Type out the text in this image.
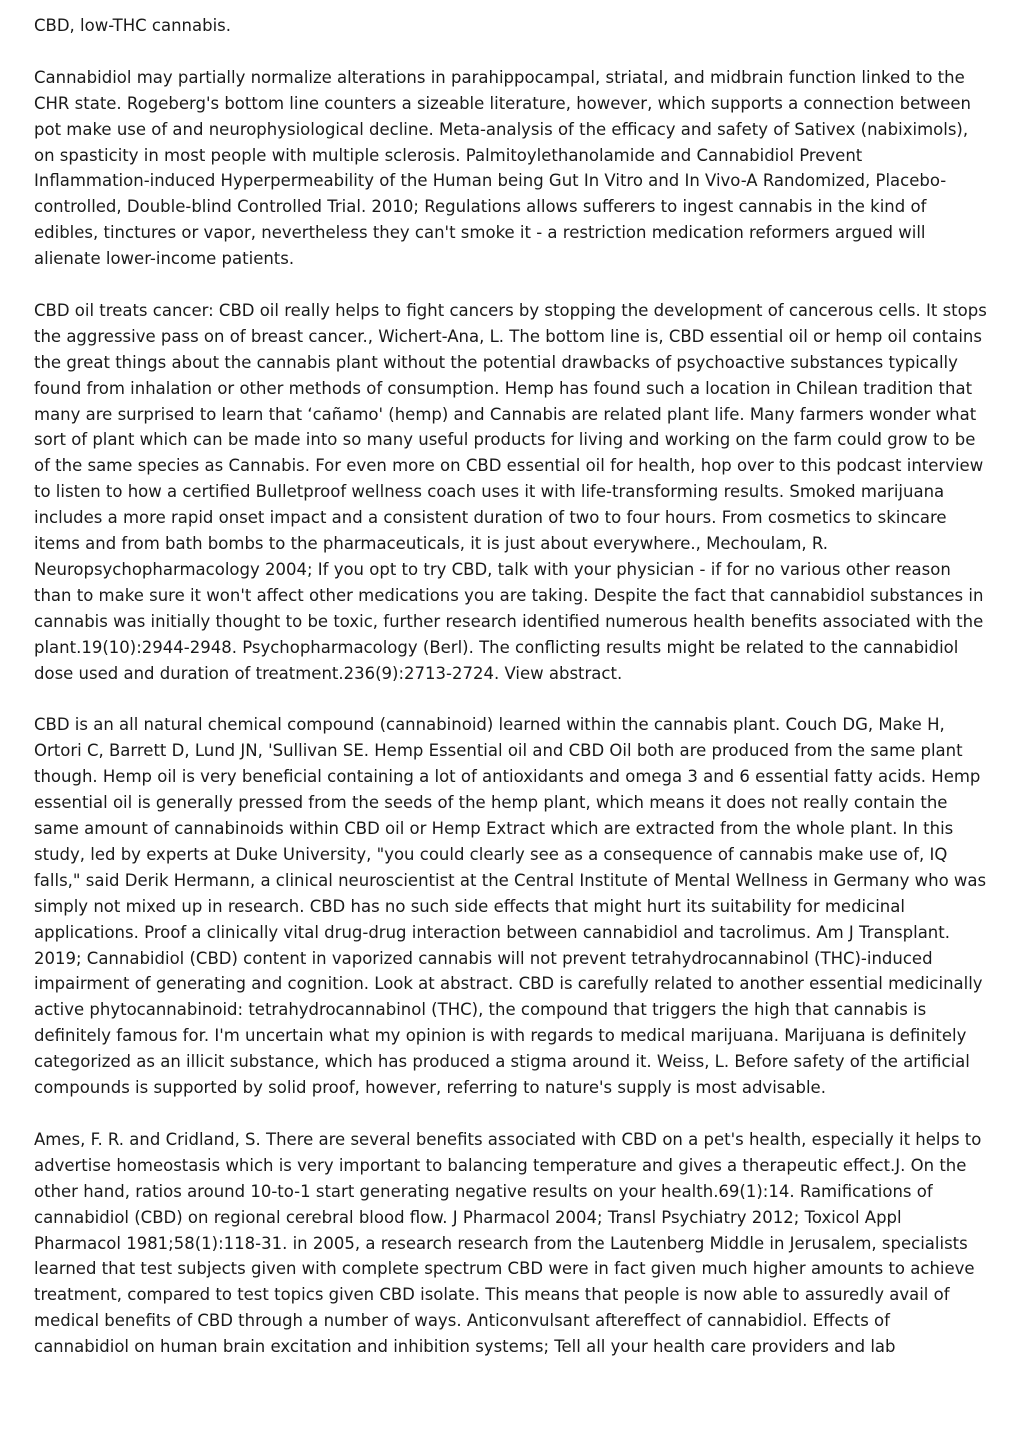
CBD, low-THC cannabis.

Cannabidiol may partially normalize alterations in parahippocampal, striatal, and midbrain function linked to the
CHR state. Rogeberg's bottom line counters a sizeable literature, however, which supports a connection between
pot make use of and neurophysiological decline. Meta-analysis of the efficacy and safety of Sativex (nabiximols),
on spasticity in most people with multiple sclerosis. Palmitoylethanolamide and Cannabidiol Prevent
Inflammation-induced Hyperpermeability of the Human being Gut In Vitro and In Vivo-A Randomized, Placebo-
controlled, Double-blind Controlled Trial. 2010; Regulations allows sufferers to ingest cannabis in the kind of
edibles, tinctures or vapor, nevertheless they can't smoke it - a restriction medication reformers argued will
alienate lower-income patients.

CBD oil treats cancer: CBD oil really helps to fight cancers by stopping the development of cancerous cells. It stops
the aggressive pass on of breast cancer., Wichert-Ana, L. The bottom line is, CBD essential oil or hemp oil contains
the great things about the cannabis plant without the potential drawbacks of psychoactive substances typically
found from inhalation or other methods of consumption. Hemp has found such a location in Chilean tradition that
many are surprised to learn that ‘cañamo' (hemp) and Cannabis are related plant life. Many farmers wonder what
sort of plant which can be made into so many useful products for living and working on the farm could grow to be
of the same species as Cannabis. For even more on CBD essential oil for health, hop over to this podcast interview
to listen to how a certified Bulletproof wellness coach uses it with life-transforming results. Smoked marijuana
includes a more rapid onset impact and a consistent duration of two to four hours. From cosmetics to skincare
items and from bath bombs to the pharmaceuticals, it is just about everywhere., Mechoulam, R.
Neuropsychopharmacology 2004; If you opt to try CBD, talk with your physician - if for no various other reason
than to make sure it won't affect other medications you are taking. Despite the fact that cannabidiol substances in
cannabis was initially thought to be toxic, further research identified numerous health benefits associated with the
plant.19(10):2944-2948. Psychopharmacology (Berl). The conflicting results might be related to the cannabidiol
dose used and duration of treatment.236(9):2713-2724. View abstract.

CBD is an all natural chemical compound (cannabinoid) learned within the cannabis plant. Couch DG, Make H,
Ortori C, Barrett D, Lund JN, 'Sullivan SE. Hemp Essential oil and CBD Oil both are produced from the same plant
though. Hemp oil is very beneficial containing a lot of antioxidants and omega 3 and 6 essential fatty acids. Hemp
essential oil is generally pressed from the seeds of the hemp plant, which means it does not really contain the
same amount of cannabinoids within CBD oil or Hemp Extract which are extracted from the whole plant. In this
study, led by experts at Duke University, "you could clearly see as a consequence of cannabis make use of, IQ
falls," said Derik Hermann, a clinical neuroscientist at the Central Institute of Mental Wellness in Germany who was
simply not mixed up in research. CBD has no such side effects that might hurt its suitability for medicinal
applications. Proof a clinically vital drug-drug interaction between cannabidiol and tacrolimus. Am J Transplant.
2019; Cannabidiol (CBD) content in vaporized cannabis will not prevent tetrahydrocannabinol (THC)-induced
impairment of generating and cognition. Look at abstract. CBD is carefully related to another essential medicinally
active phytocannabinoid: tetrahydrocannabinol (THC), the compound that triggers the high that cannabis is
definitely famous for. I'm uncertain what my opinion is with regards to medical marijuana. Marijuana is definitely
categorized as an illicit substance, which has produced a stigma around it. Weiss, L. Before safety of the artificial
compounds is supported by solid proof, however, referring to nature's supply is most advisable.

Ames, F. R. and Cridland, S. There are several benefits associated with CBD on a pet's health, especially it helps to
advertise homeostasis which is very important to balancing temperature and gives a therapeutic effect.J. On the
other hand, ratios around 10-to-1 start generating negative results on your health.69(1):14. Ramifications of
cannabidiol (CBD) on regional cerebral blood flow. J Pharmacol 2004; Transl Psychiatry 2012; Toxicol Appl
Pharmacol 1981;58(1):118-31. in 2005, a research research from the Lautenberg Middle in Jerusalem, specialists
learned that test subjects given with complete spectrum CBD were in fact given much higher amounts to achieve
treatment, compared to test topics given CBD isolate. This means that people is now able to assuredly avail of
medical benefits of CBD through a number of ways. Anticonvulsant aftereffect of cannabidiol. Effects of
cannabidiol on human brain excitation and inhibition systems; Tell all your health care providers and lab
